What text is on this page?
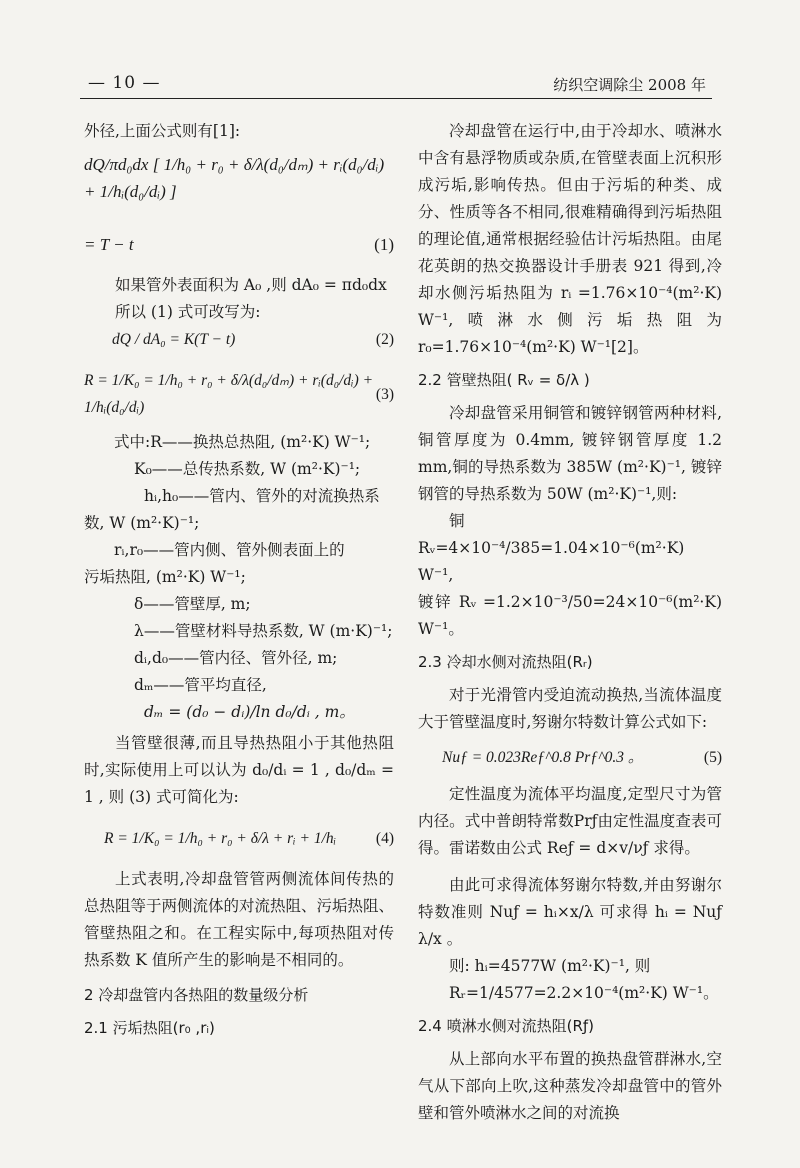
— 10 —	纺织空调除尘 2008 年

外径,上面公式则有[1]:

dQ/πd₀dx [ 1/h₀ + r₀ + δ/λ(d₀/dₘ) + rᵢ(d₀/dᵢ) + 1/hᵢ(d₀/dᵢ) ]
= T − t	(1)

如果管外表面积为 A₀ ,则 dA₀ = πd₀dx

所以 (1) 式可改写为:

dQ / dA₀ = K(T − t)	(2)
R = 1/K₀ = 1/h₀ + r₀ + δ/λ(d₀/dₘ) + rᵢ(d₀/dᵢ) + 1/hᵢ(d₀/dᵢ)
(3)

式中:R——换热总热阻, (m²·K) W⁻¹;

K₀——总传热系数, W (m²·K)⁻¹;

hᵢ,h₀——管内、管外的对流换热系

数, W (m²·K)⁻¹;

rᵢ,r₀——管内侧、管外侧表面上的

污垢热阻, (m²·K) W⁻¹;

δ——管壁厚, m;

λ——管壁材料导热系数, W (m·K)⁻¹;

dᵢ,d₀——管内径、管外径, m;

dₘ——管平均直径,

dₘ = (d₀ − dᵢ)/ln d₀/dᵢ , m。

当管壁很薄,而且导热热阻小于其他热阻时,实际使用上可以认为 d₀/dᵢ = 1 , d₀/dₘ = 1 , 则 (3) 式可简化为:

R = 1/K₀ = 1/h₀ + r₀ + δ/λ + rᵢ + 1/hᵢ	(4)

上式表明,冷却盘管管两侧流体间传热的总热阻等于两侧流体的对流热阻、污垢热阻、管壁热阻之和。在工程实际中,每项热阻对传热系数 K 值所产生的影响是不相同的。

2 冷却盘管内各热阻的数量级分析

2.1 污垢热阻(r₀ ,rᵢ)

冷却盘管在运行中,由于冷却水、喷淋水中含有悬浮物质或杂质,在管壁表面上沉积形成污垢,影响传热。但由于污垢的种类、成分、性质等各不相同,很难精确得到污垢热阻的理论值,通常根据经验估计污垢热阻。由尾花英朗的热交换器设计手册表 921 得到,冷却水侧污垢热阻为 rᵢ =1.76×10⁻⁴(m²·K) W⁻¹,喷淋水侧污垢热阻为 r₀=1.76×10⁻⁴(m²·K) W⁻¹[2]。

2.2 管壁热阻( Rᵥ = δ/λ )

冷却盘管采用铜管和镀锌钢管两种材料,铜管厚度为 0.4mm, 镀锌钢管厚度 1.2 mm,铜的导热系数为 385W (m²·K)⁻¹, 镀锌钢管的导热系数为 50W (m²·K)⁻¹,则:

铜 Rᵥ=4×10⁻⁴/385=1.04×10⁻⁶(m²·K) W⁻¹,

镀锌 Rᵥ =1.2×10⁻³/50=24×10⁻⁶(m²·K) W⁻¹。

2.3 冷却水侧对流热阻(Rᵣ)

对于光滑管内受迫流动换热,当流体温度大于管壁温度时,努谢尔特数计算公式如下:

Nuƒ = 0.023Reƒ^0.8 Prƒ^0.3 。	(5)

定性温度为流体平均温度,定型尺寸为管内径。式中普朗特常数Prƒ由定性温度查表可得。雷诺数由公式 Reƒ = d×v/νƒ 求得。

由此可求得流体努谢尔特数,并由努谢尔特数准则 Nuƒ = hᵢ×x/λ 可求得 hᵢ = Nuƒ λ/x 。

则: hᵢ=4577W (m²·K)⁻¹, 则

Rᵣ=1/4577=2.2×10⁻⁴(m²·K) W⁻¹。

2.4 喷淋水侧对流热阻(Rƒ)

从上部向水平布置的换热盘管群淋水,空气从下部向上吹,这种蒸发冷却盘管中的管外壁和管外喷淋水之间的对流换
